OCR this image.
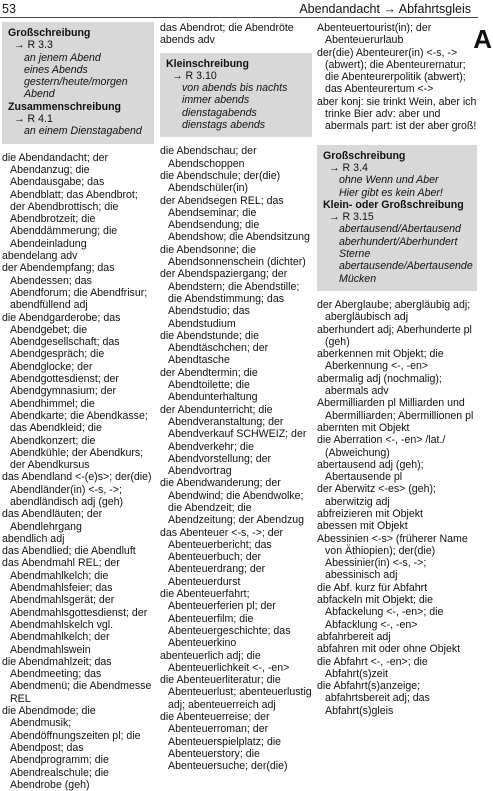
53	Abendandacht → Abfahrtsgleis
A
Großschreibung
→ R 3.3
an jenem Abend
eines Abends
gestern/heute/morgen Abend
Zusammenschreibung
→ R 4.1
an einem Dienstagabend
die Abendandacht; der Abendanzug; die Abendausgabe; das Abendblatt; das Abendbrot; der Abendbrottisch; die Abendbrotzeit; die Abenddämmerung; die Abendeinladung
abendelang adv
der Abendempfang; das Abendessen; das Abendforum; die Abendfrisur; abendfüllend adj
die Abendgarderobe; das Abendgebet; die Abendgesellschaft; das Abendgespräch; die Abendglocke; der Abendgottesdienst; der Abendgymnasium; der Abendhimmel; die Abendkarte; die Abendkasse; das Abendkleid; die Abendkonzert; die Abendkühle; der Abendkurs; der Abendkursus
das Abendland <-(e)s>; der(die) Abendländer(in) <-s, ->; abendländisch adj (geh)
das Abendläuten; der Abendlehrgang
abendlich adj
das Abendlied; die Abendluft
das Abendmahl REL; der Abendmahlkelch; die Abendmahlsfeier; das Abendmahlsgerät; der Abendmahlsgottesdienst; der Abendmahlskelch vgl. Abendmahlkelch; der Abendmahlswein
die Abendmahlzeit; das Abendmeeting; das Abendmenü; die Abendmesse REL
die Abendmode; die Abendmusik; Abendöffnungszeiten pl; die Abendpost; das Abendprogramm; die Abendrealschule; die Abendrobe (geh)
das Abendrot; die Abendröte
abends adv
Kleinschreibung
→ R 3.10
von abends bis nachts
immer abends
dienstagabends
dienstags abends
die Abendschau; der Abendschoppen
die Abendschule; der(die) Abendschüler(in)
der Abendsegen REL; das Abendseminar; die Abendsendung; die Abendshow; die Abendsitzung
die Abendsonne; die Abendsonnenschein (dichter)
der Abendspaziergang; der Abendstern; die Abendstille; die Abendstimmung; das Abendstudio; das Abendstudium
die Abendstunde; die Abendtäschchen; der Abendtasche
der Abendtermin; die Abendtoilette; die Abendunterhaltung
der Abendunterricht; die Abendveranstaltung; der Abendverkauf SCHWEIZ; der Abendverkehr; die Abendvorstellung; der Abendvortrag
die Abendwanderung; der Abendwind; die Abendwolke; die Abendzeit; die Abendzeitung; der Abendzug
das Abenteuer <-s, ->; der Abenteuerbericht; das Abenteuerbuch; der Abenteuerdrang; der Abenteuerdurst
die Abenteuerfahrt; Abenteuerferien pl; der Abenteuerfilm; die Abenteuergeschichte; das Abenteuerkino
abenteuerlich adj; die Abenteuerlichkeit <-, -en>
die Abenteuerliteratur; die Abenteuerlust; abenteuerlustig adj; abenteuerreich adj
die Abenteuerreise; der Abenteuerroman; der Abenteuerspielplatz; die Abenteuerstory; die Abenteuersuche; der(die)
Abenteuertourist(in); der Abenteuerurlaub
der(die) Abenteurer(in) <-s, -> (abwert); die Abenteurernatur; die Abenteurerpolitik (abwert); das Abenteurertum <->
aber konj: sie trinkt Wein, aber ich trinke Bier adv: aber und abermals part: ist der aber groß!
Großschreibung
→ R 3.4
ohne Wenn und Aber
Hier gibt es kein Aber!
Klein- oder Großschreibung
→ R 3.15
abertausend/Abertausend
aberhundert/Aberhundert Sterne
abertausende/Abertausende Mücken
der Aberglaube; abergläubig adj; abergläubisch adj
aberhundert adj; Aberhunderte pl (geh)
aberkennen mit Objekt; die Aberkennung <-, -en>
abermalig adj (nochmalig); abermals adv
Abermilliarden pl Milliarden und Abermilliarden; Abermillionen pl
abernten mit Objekt
die Aberration <-, -en> /lat./ (Abweichung)
abertausend adj (geh); Abertausende pl
der Aberwitz <-es> (geh); aberwitzig adj
abfreizieren mit Objekt
abessen mit Objekt
Abessinien <-s> (früherer Name von Äthiopien); der(die) Abessinier(in) <-s, ->; abessinisch adj
die Abf. kurz für Abfahrt
abfackeln mit Objekt; die Abfackelung <-, -en>; die Abfacklung <-, -en>
abfahrbereit adj
abfahren mit oder ohne Objekt
die Abfahrt <-, -en>; die Abfahrt(s)zeit
die Abfahrt(s)anzeige; abfahrtsbereit adj; das Abfahrt(s)gleis
